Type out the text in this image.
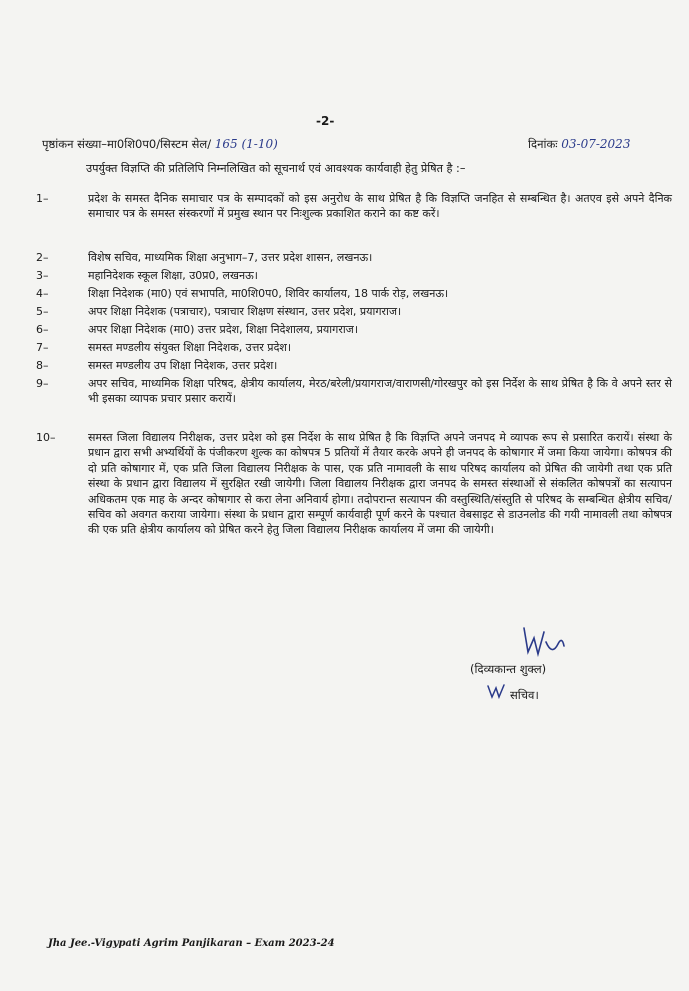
-2-
पृष्ठांकन संख्या–मा0शि0प0/सिस्टम सेल/ 165 (1-10)	दिनांकः 03-07-2023
उपर्युक्त विज्ञप्ति की प्रतिलिपि निम्नलिखित को सूचनार्थ एवं आवश्यक कार्यवाही हेतु प्रेषित है :–
1–	प्रदेश के समस्त दैनिक समाचार पत्र के सम्पादकों को इस अनुरोध के साथ प्रेषित है कि विज्ञप्ति जनहित से सम्बन्धित है। अतएव इसे अपने दैनिक समाचार पत्र के समस्त संस्करणों में प्रमुख स्थान पर निःशुल्क प्रकाशित कराने का कष्ट करें।
2–	विशेष सचिव, माध्यमिक शिक्षा अनुभाग–7, उत्तर प्रदेश शासन, लखनऊ।
3–	महानिदेशक स्कूल शिक्षा, उ0प्र0, लखनऊ।
4–	शिक्षा निदेशक (मा0) एवं सभापति, मा0शि0प0, शिविर कार्यालय, 18 पार्क रोड़, लखनऊ।
5–	अपर शिक्षा निदेशक (पत्राचार), पत्राचार शिक्षण संस्थान, उत्तर प्रदेश, प्रयागराज।
6–	अपर शिक्षा निदेशक (मा0) उत्तर प्रदेश, शिक्षा निदेशालय, प्रयागराज।
7–	समस्त मण्डलीय संयुक्त शिक्षा निदेशक, उत्तर प्रदेश।
8–	समस्त मण्डलीय उप शिक्षा निदेशक, उत्तर प्रदेश।
9–	अपर सचिव, माध्यमिक शिक्षा परिषद, क्षेत्रीय कार्यालय, मेरठ/बरेली/प्रयागराज/वाराणसी/गोरखपुर को इस निर्देश के साथ प्रेषित है कि वे अपने स्तर से भी इसका व्यापक प्रचार प्रसार करायें।
10–	समस्त जिला विद्यालय निरीक्षक, उत्तर प्रदेश को इस निर्देश के साथ प्रेषित है कि विज्ञप्ति अपने जनपद मे व्यापक रूप से प्रसारित करायें। संस्था के प्रधान द्वारा सभी अभ्यर्थियों के पंजीकरण शुल्क का कोषपत्र 5 प्रतियों में तैयार करके अपने ही जनपद के कोषागार में जमा किया जायेगा। कोषपत्र की दो प्रति कोषागार में, एक प्रति जिला विद्यालय निरीक्षक के पास, एक प्रति नामावली के साथ परिषद कार्यालय को प्रेषित की जायेगी तथा एक प्रति संस्था के प्रधान द्वारा विद्यालय में सुरक्षित रखी जायेगी। जिला विद्यालय निरीक्षक द्वारा जनपद के समस्त संस्थाओं से संकलित कोषपत्रों का सत्यापन अधिकतम एक माह के अन्दर कोषागार से करा लेना अनिवार्य होगा। तदोपरान्त सत्यापन की वस्तुस्थिति/संस्तुति से परिषद के सम्बन्धित क्षेत्रीय सचिव/सचिव को अवगत कराया जायेगा। संस्था के प्रधान द्वारा सम्पूर्ण कार्यवाही पूर्ण करने के पश्चात वेबसाइट से डाउनलोड की गयी नामावली तथा कोषपत्र की एक प्रति क्षेत्रीय कार्यालय को प्रेषित करने हेतु जिला विद्यालय निरीक्षक कार्यालय में जमा की जायेगी।
(दिव्यकान्त शुक्ल)
सचिव।
Jha Jee.-Vigypati Agrim Panjikaran – Exam 2023-24
